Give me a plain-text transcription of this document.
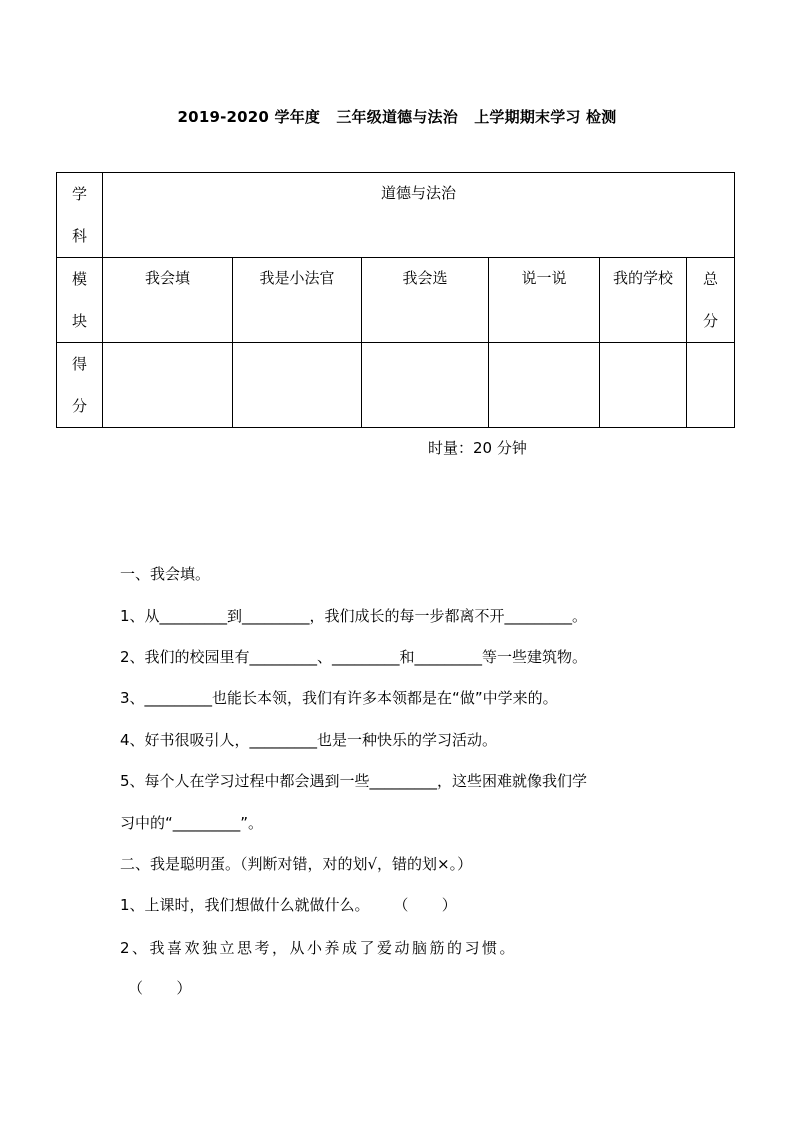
2019-2020 学年度   三年级道德与法治   上学期期末学习 检测
学科	道德与法治					

模块	我会填	我是小法官	我会选	说一说	我的学校	总分

得分						

时量：20 分钟
一、我会填。
1、从_________到_________，我们成长的每一步都离不开_________。
2、我们的校园里有_________、_________和_________等一些建筑物。
3、_________也能长本领，我们有许多本领都是在“做”中学来的。
4、好书很吸引人，_________也是一种快乐的学习活动。
5、每个人在学习过程中都会遇到一些_________，这些困难就像我们学
习中的“_________”。
二、我是聪明蛋。（判断对错，对的划√，错的划×。）
1、上课时，我们想做什么就做什么。     （       ）
2、我喜欢独立思考，从小养成了爱动脑筋的习惯。
（       ）
